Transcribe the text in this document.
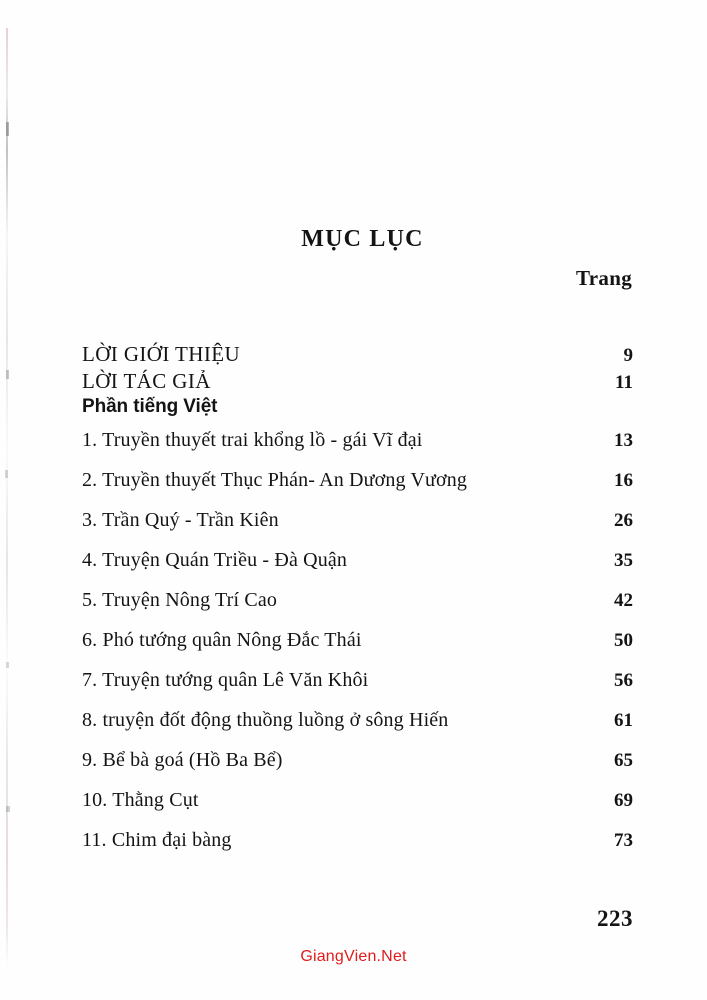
MỤC LỤC
Trang
LỜI GIỚI THIỆU	9
LỜI TÁC GIẢ	11
Phần tiếng Việt
1. Truyền thuyết trai khổng lồ - gái Vĩ đại	13
2. Truyền thuyết Thục Phán- An Dương Vương	16
3. Trần Quý - Trần Kiên	26
4. Truyện Quán Triều - Đà Quận	35
5. Truyện Nông Trí Cao	42
6. Phó tướng quân Nông Đắc Thái	50
7. Truyện tướng quân Lê Văn Khôi	56
8. truyện đốt động thuồng luồng ở sông Hiến	61
9. Bể bà goá (Hồ Ba Bể)	65
10. Thằng Cụt	69
11. Chim đại bàng	73
223
GiangVien.Net
